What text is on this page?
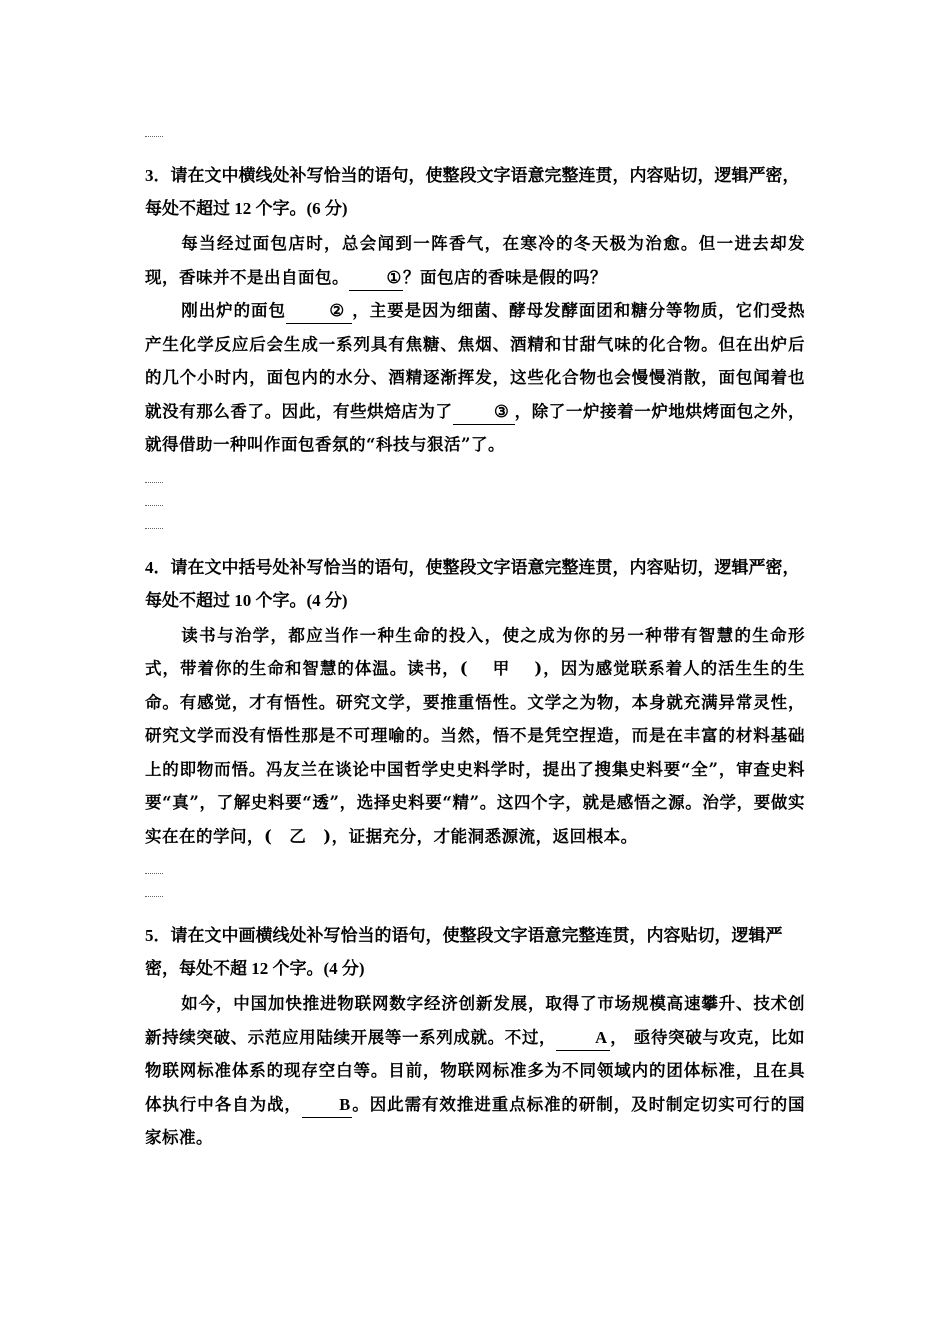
3．请在文中横线处补写恰当的语句，使整段文字语意完整连贯，内容贴切，逻辑严密，每处不超过 12 个字。(6 分)

每当经过面包店时，总会闻到一阵香气，在寒冷的冬天极为治愈。但一进去却发现，香味并不是出自面包。 ①？面包店的香味是假的吗？

刚出炉的面包	② ，主要是因为细菌、酵母发酵面团和糖分等物质，它们受热产生化学反应后会生成一系列具有焦糖、焦烟、酒精和甘甜气味的化合物。但在出炉后的几个小时内，面包内的水分、酒精逐渐挥发，这些化合物也会慢慢消散，面包闻着也就没有那么香了。因此，有些烘焙店为了	③ ，除了一炉接着一炉地烘烤面包之外，就得借助一种叫作面包香氛的“科技与狠活”了。

4．请在文中括号处补写恰当的语句，使整段文字语意完整连贯，内容贴切，逻辑严密，每处不超过 10 个字。(4 分)

读书与治学，都应当作一种生命的投入，使之成为你的另一种带有智慧的生命形式，带着你的生命和智慧的体温。读书，(　 甲　 )，因为感觉联系着人的活生生的生命。有感觉，才有悟性。研究文学，要推重悟性。文学之为物，本身就充满异常灵性，研究文学而没有悟性那是不可理喻的。当然，悟不是凭空捏造，而是在丰富的材料基础上的即物而悟。冯友兰在谈论中国哲学史史料学时，提出了搜集史料要“全”，审查史料要“真”，了解史料要“透”，选择史料要“精”。这四个字，就是感悟之源。治学，要做实实在在的学问，(　乙　)，证据充分，才能洞悉源流，返回根本。

5．请在文中画横线处补写恰当的语句，使整段文字语意完整连贯，内容贴切，逻辑严密，每处不超 12 个字。(4 分)

如今，中国加快推进物联网数字经济创新发展，取得了市场规模高速攀升、技术创新持续突破、示范应用陆续开展等一系列成就。不过， A ， 亟待突破与攻克，比如物联网标准体系的现存空白等。目前，物联网标准多为不同领域内的团体标准，且在具体执行中各自为战， B。因此需有效推进重点标准的研制，及时制定切实可行的国家标准。
